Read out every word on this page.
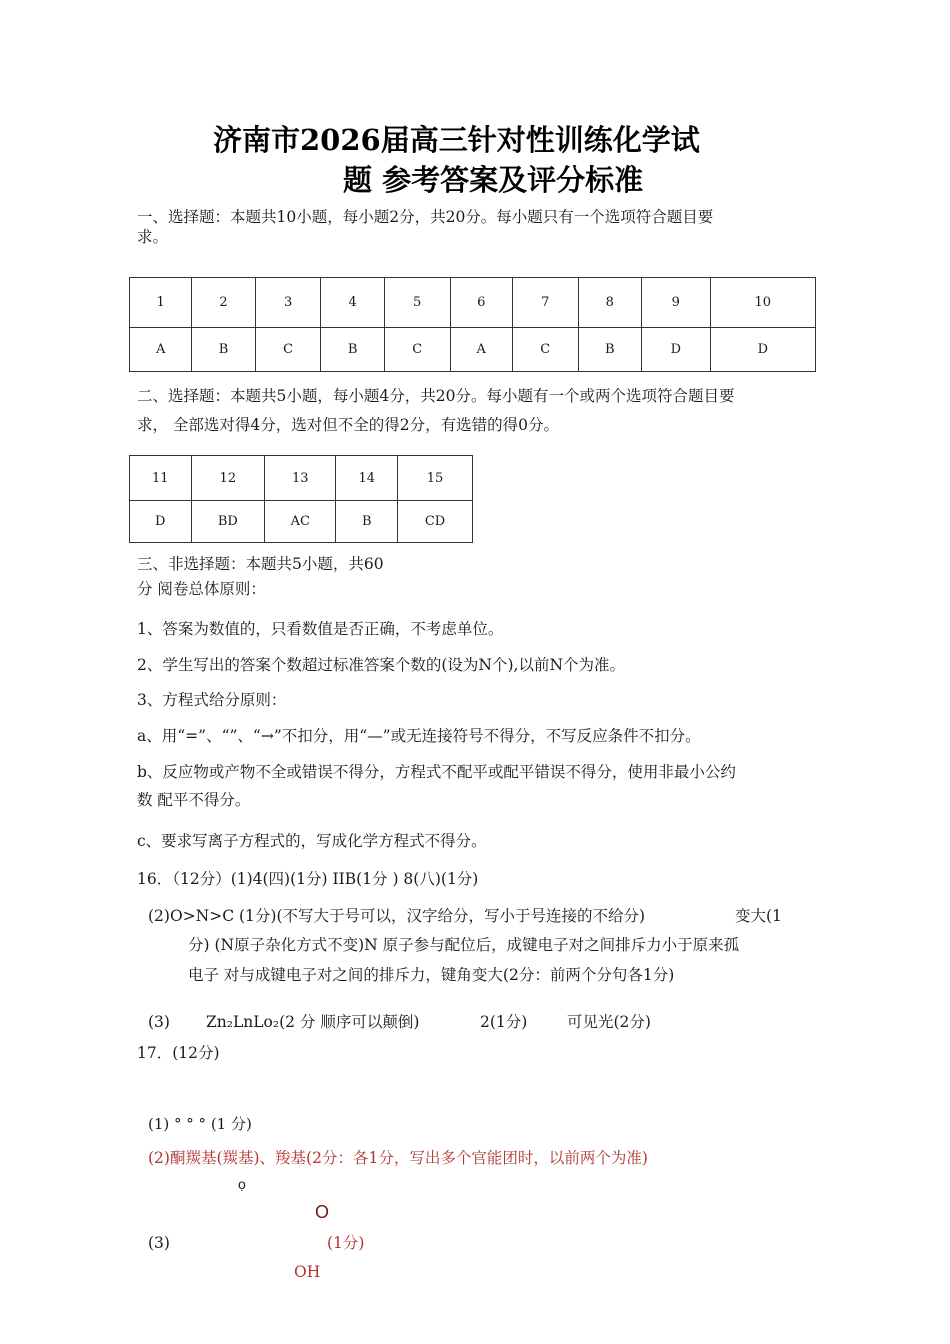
济南市2026届高三针对性训练化学试
题 参考答案及评分标准
一、选择题：本题共10小题，每小题2分，共20分。每小题只有一个选项符合题目要
求。
1	2	3	4	5	6	7	8	9	10
A	B	C	B	C	A	C	B	D	D
二、选择题：本题共5小题，每小题4分，共20分。每小题有一个或两个选项符合题目要
求， 全部选对得4分，选对但不全的得2分，有选错的得0分。
11	12	13	14	15
D	BD	AC	B	CD
三、非选择题：本题共5小题，共60
分 阅卷总体原则：
1、答案为数值的，只看数值是否正确，不考虑单位。
2、学生写出的答案个数超过标准答案个数的(设为N个),以前N个为准。
3、方程式给分原则：
a、用“=”、“”、“→”不扣分，用“—”或无连接符号不得分，不写反应条件不扣分。
b、反应物或产物不全或错误不得分，方程式不配平或配平错误不得分，使用非最小公约
数 配平不得分。
c、要求写离子方程式的，写成化学方程式不得分。
16．（12分）(1)4(四)(1分) IIB(1分 ) 8(八)(1分)
(2)O>N>C (1分)(不写大于号可以，汉字给分，写小于号连接的不给分)	变大(1
分) (N原子杂化方式不变)N 原子参与配位后，成键电子对之间排斥力小于原来孤
电子 对与成键电子对之间的排斥力，键角变大(2分：前两个分句各1分)
(3) Zn₂LnLo₂(2 分 顺序可以颠倒)	2(1分)	可见光(2分)
17．(12分)
(1) ° ° ° (1 分)
(2)酮羰基(羰基)、羧基(2分：各1分，写出多个官能团时，以前两个为准)
ọ
O
(3)	(1分)
OH
